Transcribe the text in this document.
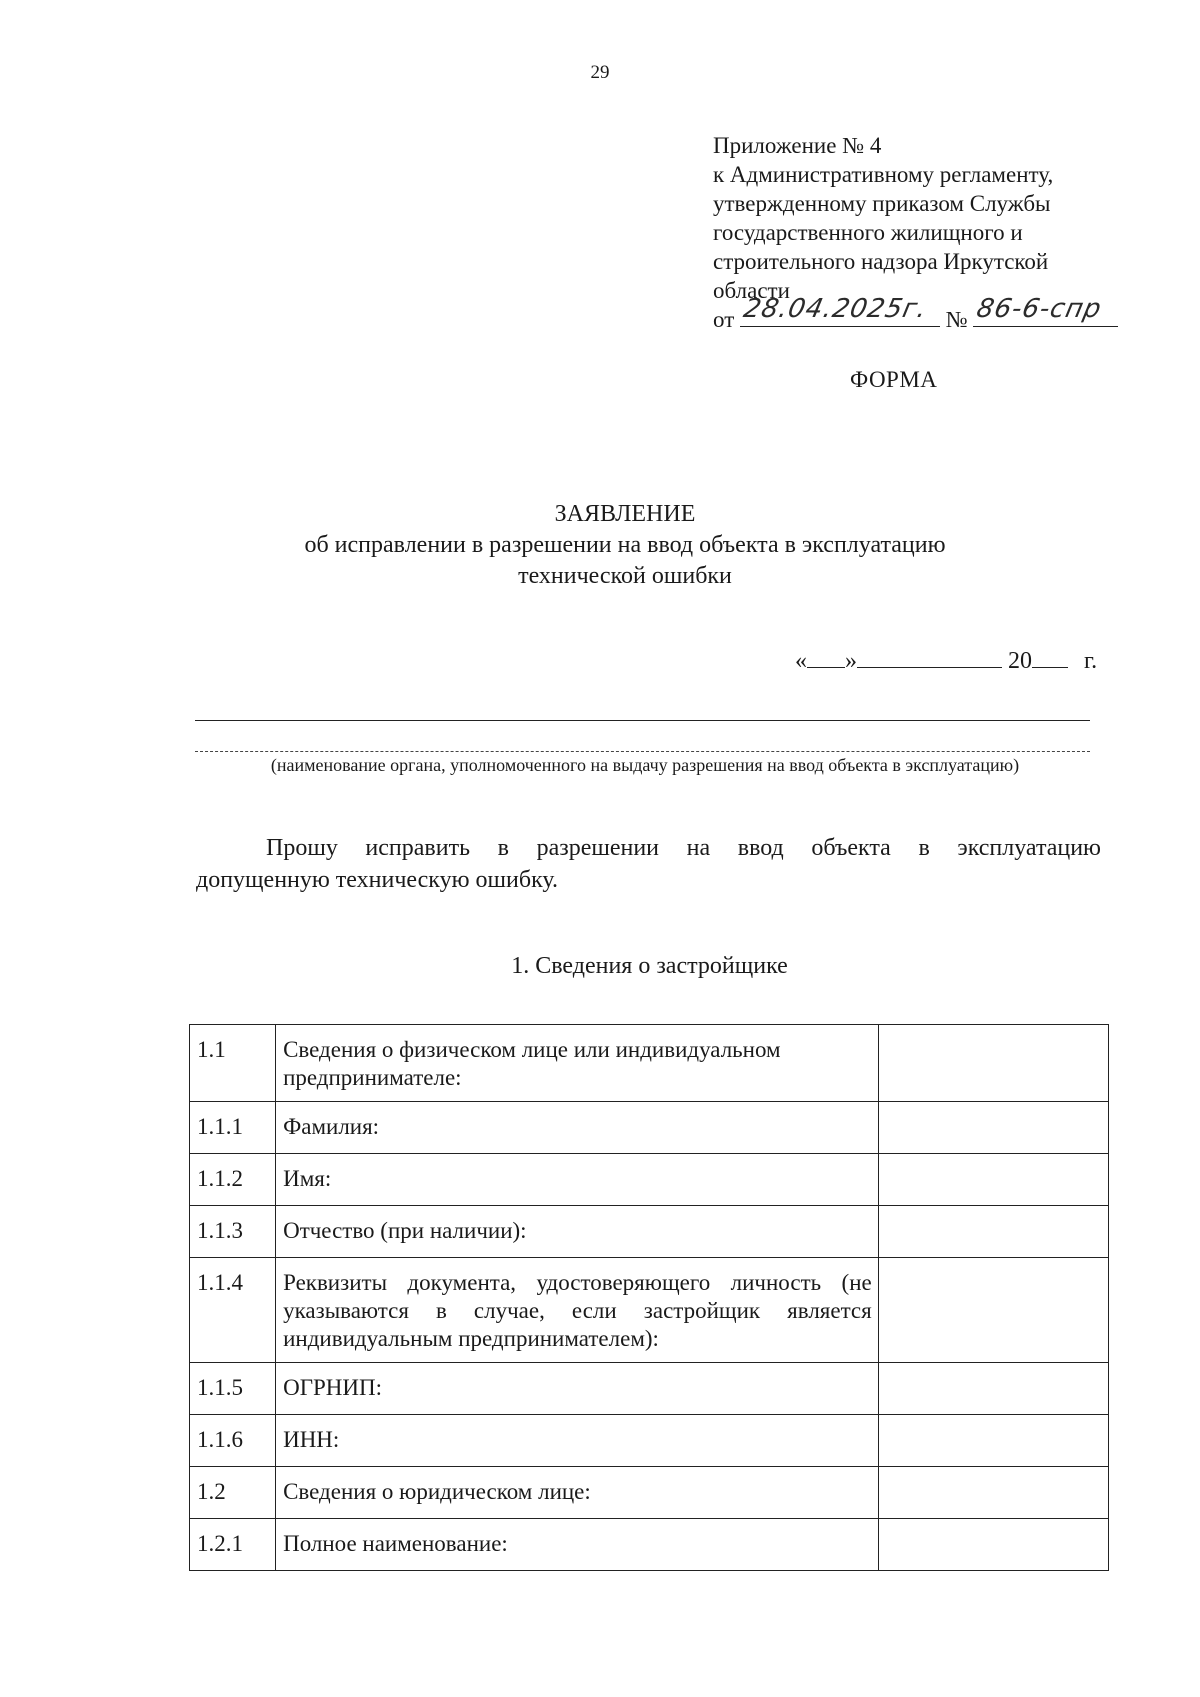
29
Приложение № 4
к Административному регламенту,
утвержденному приказом Службы
государственного жилищного и
строительного надзора Иркутской
области
от 28.04.2025г. № 86-6-спр
ФОРМА
ЗАЯВЛЕНИЕ
об исправлении в разрешении на ввод объекта в эксплуатацию
технической ошибки
« »	20 г.
(наименование органа, уполномоченного на выдачу разрешения на ввод объекта в эксплуатацию)
Прошу исправить в разрешении на ввод объекта в эксплуатацию
допущенную техническую ошибку.
1. Сведения о застройщике
1.1	Сведения о физическом лице или индивидуальном предпринимателе:	
1.1.1	Фамилия:	
1.1.2	Имя:	
1.1.3	Отчество (при наличии):	
1.1.4	Реквизиты документа, удостоверяющего личность (не указываются в случае, если застройщик является индивидуальным предпринимателем):	
1.1.5	ОГРНИП:	
1.1.6	ИНН:	
1.2	Сведения о юридическом лице:	
1.2.1	Полное наименование:	
